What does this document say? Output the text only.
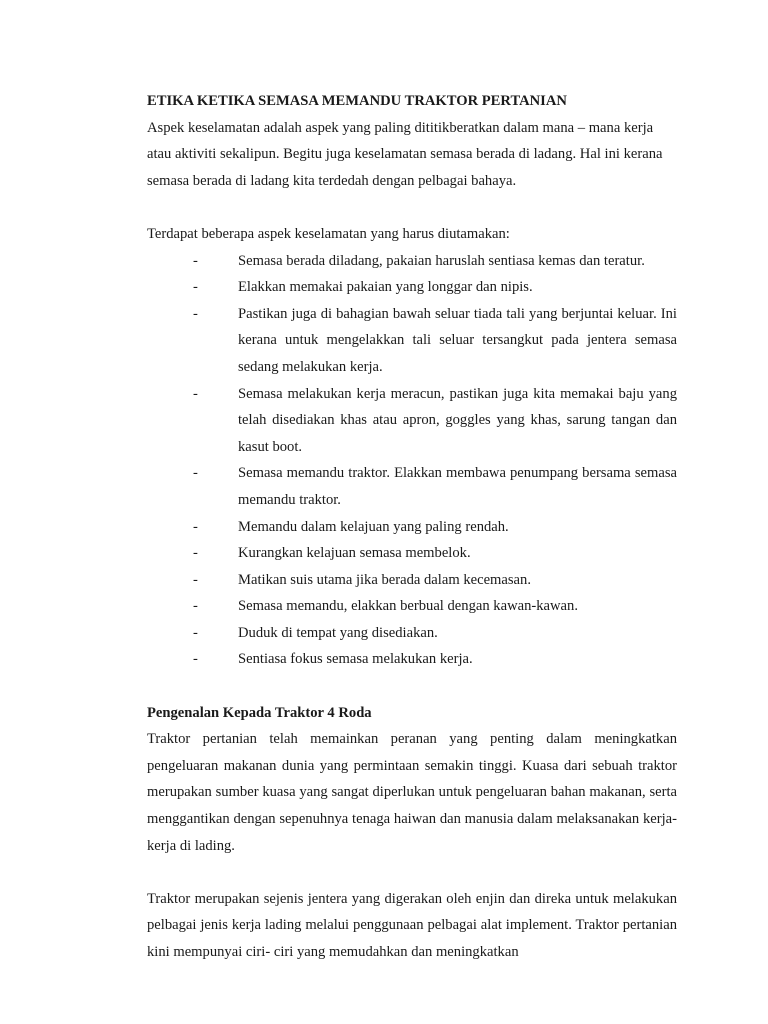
ETIKA KETIKA SEMASA MEMANDU TRAKTOR PERTANIAN

Aspek keselamatan adalah aspek yang paling dititikberatkan dalam mana – mana kerja atau aktiviti sekalipun. Begitu juga keselamatan semasa berada di ladang. Hal ini kerana semasa berada di ladang kita terdedah dengan pelbagai bahaya.

Terdapat beberapa aspek keselamatan yang harus diutamakan:

-	Semasa berada diladang, pakaian haruslah sentiasa kemas dan teratur.
-	Elakkan memakai pakaian yang longgar dan nipis.
-	Pastikan juga di bahagian bawah seluar tiada tali yang berjuntai keluar. Ini kerana untuk mengelakkan tali seluar tersangkut pada jentera semasa sedang melakukan kerja.
-	Semasa melakukan kerja meracun, pastikan juga kita memakai baju yang telah disediakan khas atau apron, goggles yang khas, sarung tangan dan kasut boot.
-	Semasa memandu traktor. Elakkan membawa penumpang bersama semasa memandu traktor.
-	Memandu dalam kelajuan yang paling rendah.
-	Kurangkan kelajuan semasa membelok.
-	Matikan suis utama jika berada dalam kecemasan.
-	Semasa memandu, elakkan berbual dengan kawan-kawan.
-	Duduk di tempat yang disediakan.
-	Sentiasa fokus semasa melakukan kerja.
Pengenalan Kepada Traktor 4 Roda

Traktor pertanian telah memainkan peranan yang penting dalam meningkatkan pengeluaran makanan dunia yang permintaan semakin tinggi. Kuasa dari sebuah traktor merupakan sumber kuasa yang sangat diperlukan untuk pengeluaran bahan makanan, serta menggantikan dengan sepenuhnya tenaga haiwan dan manusia dalam melaksanakan kerja- kerja di lading.

Traktor merupakan sejenis jentera yang digerakan oleh enjin dan direka untuk melakukan pelbagai jenis kerja lading melalui penggunaan pelbagai alat implement. Traktor pertanian kini mempunyai ciri- ciri yang memudahkan dan meningkatkan
